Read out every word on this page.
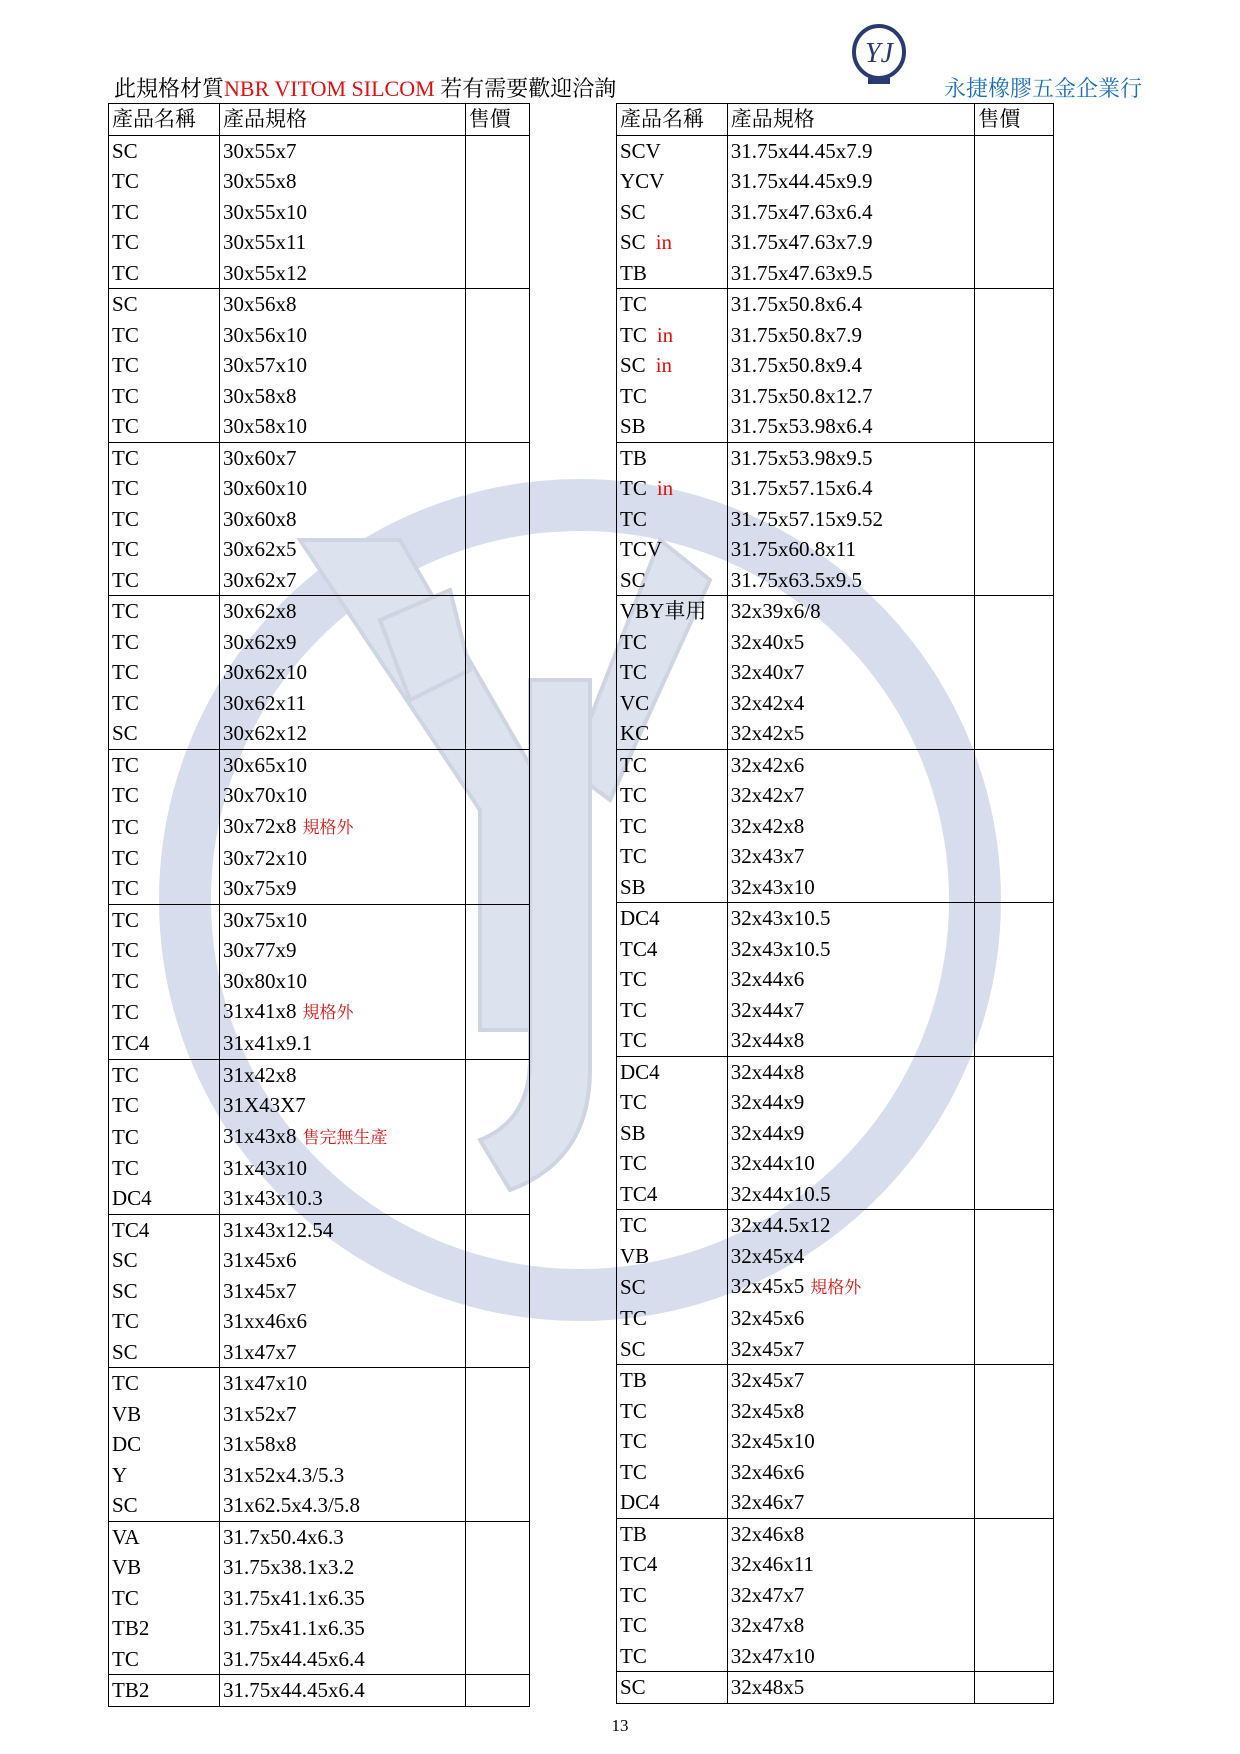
YJ
此規格材質NBR VITOM SILCOM 若有需要歡迎洽詢	永捷橡膠五金企業行
產品名稱	產品規格	售價
SC	30x55x7	
TC	30x55x8	
TC	30x55x10	
TC	30x55x11	
TC	30x55x12	
SC	30x56x8	
TC	30x56x10	
TC	30x57x10	
TC	30x58x8	
TC	30x58x10	
TC	30x60x7	
TC	30x60x10	
TC	30x60x8	
TC	30x62x5	
TC	30x62x7	
TC	30x62x8	
TC	30x62x9	
TC	30x62x10	
TC	30x62x11	
SC	30x62x12	
TC	30x65x10	
TC	30x70x10	
TC	30x72x8 規格外	
TC	30x72x10	
TC	30x75x9	
TC	30x75x10	
TC	30x77x9	
TC	30x80x10	
TC	31x41x8 規格外	
TC4	31x41x9.1	
TC	31x42x8	
TC	31X43X7	
TC	31x43x8 售完無生產	
TC	31x43x10	
DC4	31x43x10.3	
TC4	31x43x12.54	
SC	31x45x6	
SC	31x45x7	
TC	31xx46x6	
SC	31x47x7	
TC	31x47x10	
VB	31x52x7	
DC	31x58x8	
Y	31x52x4.3/5.3	
SC	31x62.5x4.3/5.8	
VA	31.7x50.4x6.3	
VB	31.75x38.1x3.2	
TC	31.75x41.1x6.35	
TB2	31.75x41.1x6.35	
TC	31.75x44.45x6.4	
TB2	31.75x44.45x6.4	
產品名稱	產品規格	售價
SCV	31.75x44.45x7.9	
YCV	31.75x44.45x9.9	
SC	31.75x47.63x6.4	
SC in	31.75x47.63x7.9	
TB	31.75x47.63x9.5	
TC	31.75x50.8x6.4	
TC in	31.75x50.8x7.9	
SC in	31.75x50.8x9.4	
TC	31.75x50.8x12.7	
SB	31.75x53.98x6.4	
TB	31.75x53.98x9.5	
TC in	31.75x57.15x6.4	
TC	31.75x57.15x9.52	
TCV	31.75x60.8x11	
SC	31.75x63.5x9.5	
VBY車用	32x39x6/8	
TC	32x40x5	
TC	32x40x7	
VC	32x42x4	
KC	32x42x5	
TC	32x42x6	
TC	32x42x7	
TC	32x42x8	
TC	32x43x7	
SB	32x43x10	
DC4	32x43x10.5	
TC4	32x43x10.5	
TC	32x44x6	
TC	32x44x7	
TC	32x44x8	
DC4	32x44x8	
TC	32x44x9	
SB	32x44x9	
TC	32x44x10	
TC4	32x44x10.5	
TC	32x44.5x12	
VB	32x45x4	
SC	32x45x5 規格外	
TC	32x45x6	
SC	32x45x7	
TB	32x45x7	
TC	32x45x8	
TC	32x45x10	
TC	32x46x6	
DC4	32x46x7	
TB	32x46x8	
TC4	32x46x11	
TC	32x47x7	
TC	32x47x8	
TC	32x47x10	
SC	32x48x5	
13
